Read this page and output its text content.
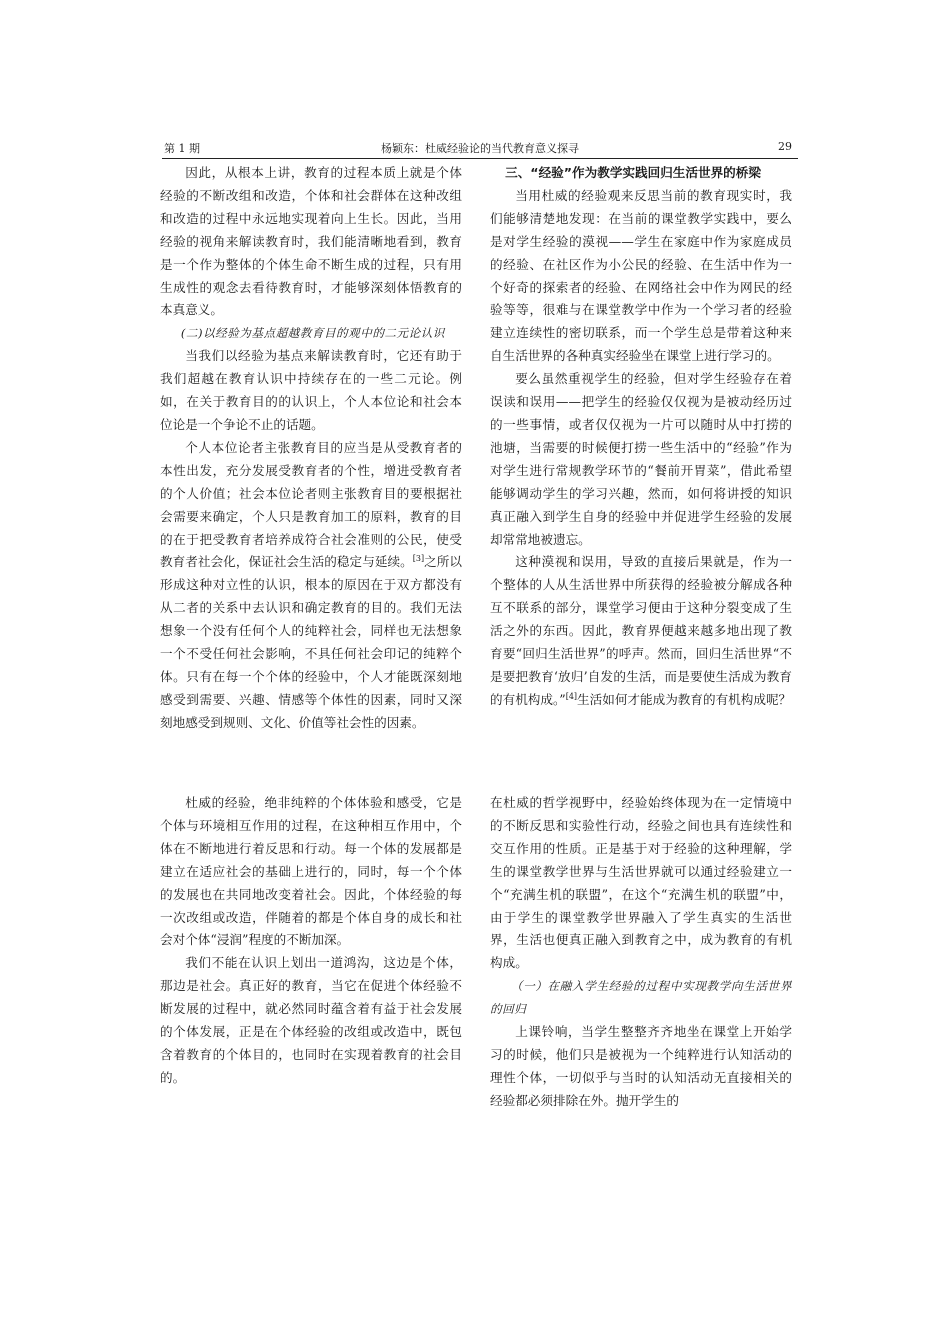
第 1 期	杨颖东：杜威经验论的当代教育意义探寻	29

因此，从根本上讲，教育的过程本质上就是个体经验的不断改组和改造，个体和社会群体在这种改组和改造的过程中永远地实现着向上生长。因此，当用经验的视角来解读教育时，我们能清晰地看到，教育是一个作为整体的个体生命不断生成的过程，只有用生成性的观念去看待教育时，才能够深刻体悟教育的本真意义。

(二)以经验为基点超越教育目的观中的二元论认识

当我们以经验为基点来解读教育时，它还有助于我们超越在教育认识中持续存在的一些二元论。例如，在关于教育目的的认识上，个人本位论和社会本位论是一个争论不止的话题。

个人本位论者主张教育目的应当是从受教育者的本性出发，充分发展受教育者的个性，增进受教育者的个人价值；社会本位论者则主张教育目的要根据社会需要来确定，个人只是教育加工的原料，教育的目的在于把受教育者培养成符合社会准则的公民，使受教育者社会化，保证社会生活的稳定与延续。[3]之所以形成这种对立性的认识，根本的原因在于双方都没有从二者的关系中去认识和确定教育的目的。我们无法想象一个没有任何个人的纯粹社会，同样也无法想象一个不受任何社会影响，不具任何社会印记的纯粹个体。只有在每一个个体的经验中，个人才能既深刻地感受到需要、兴趣、情感等个体性的因素，同时又深刻地感受到规则、文化、价值等社会性的因素。

三、“经验”作为教学实践回归生活世界的桥梁

当用杜威的经验观来反思当前的教育现实时，我们能够清楚地发现：在当前的课堂教学实践中，要么是对学生经验的漠视——学生在家庭中作为家庭成员的经验、在社区作为小公民的经验、在生活中作为一个好奇的探索者的经验、在网络社会中作为网民的经验等等，很难与在课堂教学中作为一个学习者的经验建立连续性的密切联系，而一个学生总是带着这种来自生活世界的各种真实经验坐在课堂上进行学习的。

要么虽然重视学生的经验，但对学生经验存在着误读和误用——把学生的经验仅仅视为是被动经历过的一些事情，或者仅仅视为一片可以随时从中打捞的池塘，当需要的时候便打捞一些生活中的“经验”作为对学生进行常规教学环节的“餐前开胃菜”，借此希望能够调动学生的学习兴趣，然而，如何将讲授的知识真正融入到学生自身的经验中并促进学生经验的发展却常常地被遗忘。

这种漠视和误用，导致的直接后果就是，作为一个整体的人从生活世界中所获得的经验被分解成各种互不联系的部分，课堂学习便由于这种分裂变成了生活之外的东西。因此，教育界便越来越多地出现了教育要“回归生活世界”的呼声。然而，回归生活世界“不是要把教育‘放归’自发的生活，而是要使生活成为教育的有机构成。”[4]生活如何才能成为教育的有机构成呢？

杜威的经验，绝非纯粹的个体体验和感受，它是个体与环境相互作用的过程，在这种相互作用中，个体在不断地进行着反思和行动。每一个体的发展都是建立在适应社会的基础上进行的，同时，每一个个体的发展也在共同地改变着社会。因此，个体经验的每一次改组或改造，伴随着的都是个体自身的成长和社会对个体“浸润”程度的不断加深。

我们不能在认识上划出一道鸿沟，这边是个体，那边是社会。真正好的教育，当它在促进个体经验不断发展的过程中，就必然同时蕴含着有益于社会发展的个体发展，正是在个体经验的改组或改造中，既包含着教育的个体目的，也同时在实现着教育的社会目的。

在杜威的哲学视野中，经验始终体现为在一定情境中的不断反思和实验性行动，经验之间也具有连续性和交互作用的性质。正是基于对于经验的这种理解，学生的课堂教学世界与生活世界就可以通过经验建立一个“充满生机的联盟”，在这个“充满生机的联盟”中，由于学生的课堂教学世界融入了学生真实的生活世界，生活也便真正融入到教育之中，成为教育的有机构成。

（一）在融入学生经验的过程中实现教学向生活世界的回归

上课铃响，当学生整整齐齐地坐在课堂上开始学习的时候，他们只是被视为一个纯粹进行认知活动的理性个体，一切似乎与当时的认知活动无直接相关的经验都必须排除在外。抛开学生的
